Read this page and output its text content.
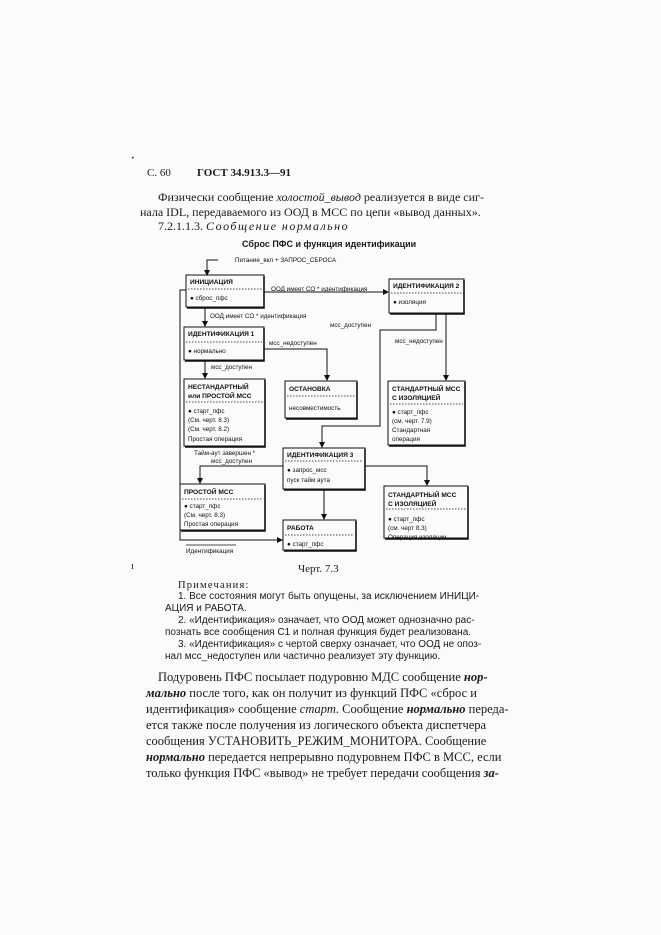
·
С. 60 ГОСТ 34.913.3—91
Физически сообщение холостой_вывод реализуется в виде сиг-
нала IDL, передаваемого из ООД в МСС по цепи «вывод данных».
7.2.1.1.3. Сообщение нормально
Сброс ПФС и функция идентификации
ИНИЦИАЦИЯ
● сброс_пфс
ИДЕНТИФИКАЦИЯ 2
● изоляция
ИДЕНТИФИКАЦИЯ 1
● нормально
НЕСТАНДАРТНЫЙ
или ПРОСТОЙ МСС
● старт_пфс
(См. черт. 8.3)
(См. черт. 8.2)
Простая операция
ОСТАНОВКА
несовместимость
СТАНДАРТНЫЙ МСС
С ИЗОЛЯЦИЕЙ
● старт_пфс
(см. черт. 7.9)
Стандартная
операция
ИДЕНТИФИКАЦИЯ 3
● запрос_мсс
пуск тайм аута
ПРОСТОЙ МСС
● старт_пфс
(См. черт. 8.3)
Простая операция
СТАНДАРТНЫЙ МСС
С ИЗОЛЯЦИЕЙ
● старт_пфс
(см. черт 8.3)
Операция изоляции
РАБОТА
● старт_пфс
Питание_вкл + ЗАПРОС_СБРОСА
ООД имеет СО * идентификация
ООД имеет СО * идентификация
мсс_доступен
мсс_недоступен
мсс_недоступен
мсс_доступен
Тайм-аут завершен *
мсс_доступен
Идентификация
ı	Черт. 7.3
Примечания:
1. Все состояния могут быть опущены, за исключением ИНИЦИ-
АЦИЯ и РАБОТА.
2. «Идентификация» означает, что ООД может однозначно рас-
познать все сообщения С1 и полная функция будет реализована.
3. «Идентификация» с чертой сверху означает, что ООД не опоз-
нал мсс_недоступен или частично реализует эту функцию.
Подуровень ПФС посылает подуровню МДС сообщение нор-
мально после того, как он получит из функций ПФС «сброс и
идентификация» сообщение старт. Сообщение нормально переда-
ется также после получения из логического объекта диспетчера
сообщения УСТАНОВИТЬ_РЕЖИМ_МОНИТОРА. Сообщение
нормально передается непрерывно подуровнем ПФС в МСС, если
только функция ПФС «вывод» не требует передачи сообщения за-
